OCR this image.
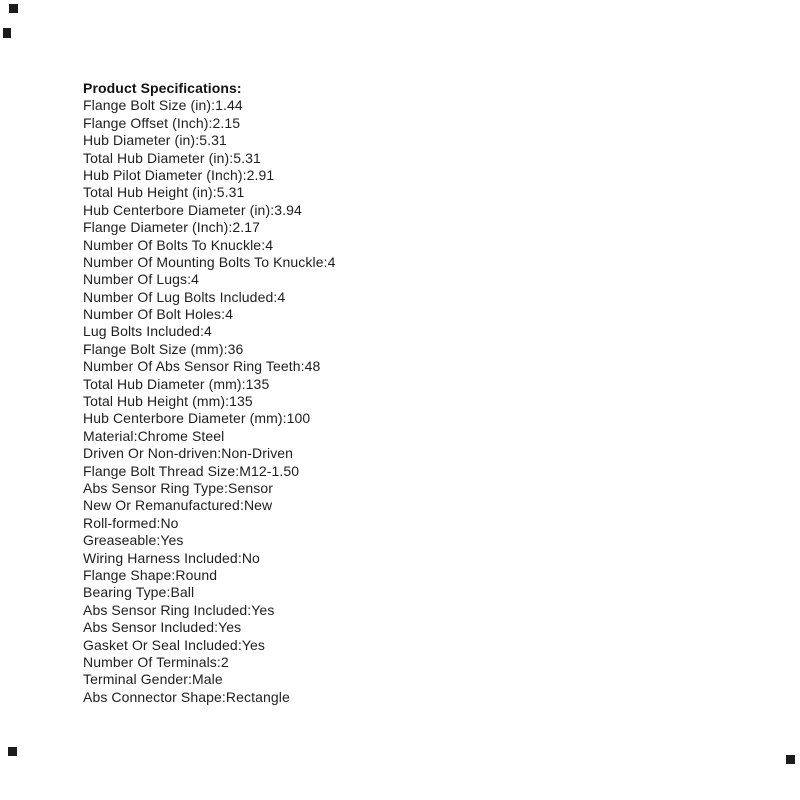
Product Specifications:
Flange Bolt Size (in):1.44
Flange Offset (Inch):2.15
Hub Diameter (in):5.31
Total Hub Diameter (in):5.31
Hub Pilot Diameter (Inch):2.91
Total Hub Height (in):5.31
Hub Centerbore Diameter (in):3.94
Flange Diameter (Inch):2.17
Number Of Bolts To Knuckle:4
Number Of Mounting Bolts To Knuckle:4
Number Of Lugs:4
Number Of Lug Bolts Included:4
Number Of Bolt Holes:4
Lug Bolts Included:4
Flange Bolt Size (mm):36
Number Of Abs Sensor Ring Teeth:48
Total Hub Diameter (mm):135
Total Hub Height (mm):135
Hub Centerbore Diameter (mm):100
Material:Chrome Steel
Driven Or Non-driven:Non-Driven
Flange Bolt Thread Size:M12-1.50
Abs Sensor Ring Type:Sensor
New Or Remanufactured:New
Roll-formed:No
Greaseable:Yes
Wiring Harness Included:No
Flange Shape:Round
Bearing Type:Ball
Abs Sensor Ring Included:Yes
Abs Sensor Included:Yes
Gasket Or Seal Included:Yes
Number Of Terminals:2
Terminal Gender:Male
Abs Connector Shape:Rectangle
